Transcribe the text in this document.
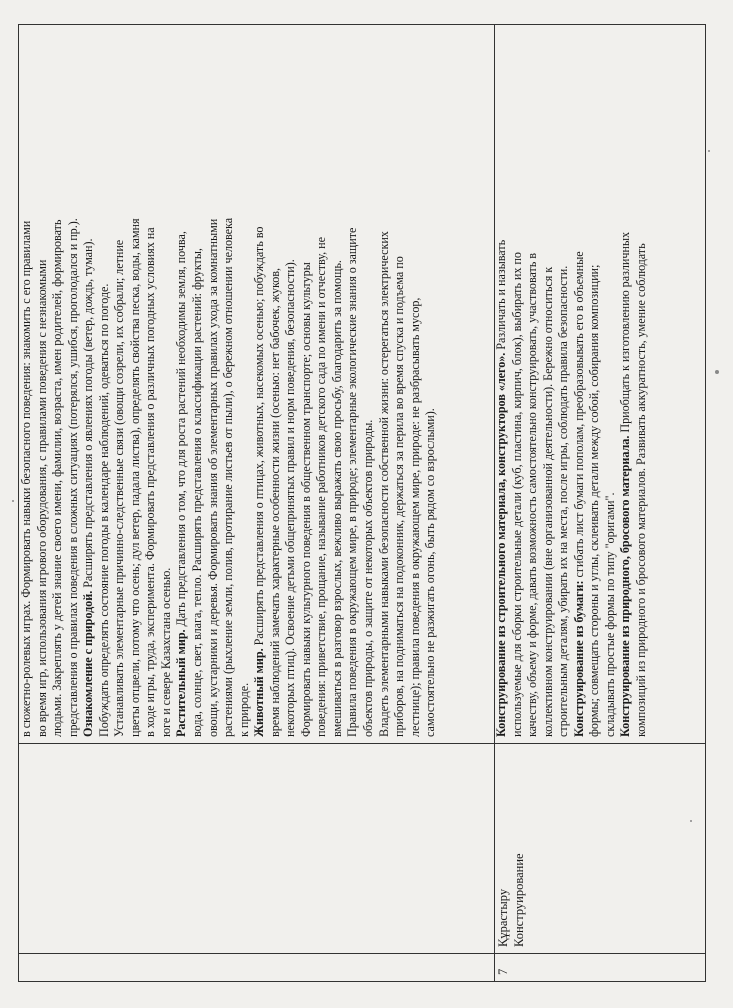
в сюжетно-ролевых играх. Формировать навыки безопасного поведения: знакомить с его правилами во время игр, использования игрового оборудования, с правилами поведения с незнакомыми людьми. Закреплять у детей знание своего имени, фамилии, возраста, имен родителей, формировать представления о правилах поведения в сложных ситуациях (потерялся, ушибся, проголодался и пр.). Ознакомление с природой. Расширять представления о явлениях погоды (ветер, дождь, туман). Побуждать определять состояние погоды в календаре наблюдений, одеваться по погоде. Устанавливать элементарные причинно-следственные связи (овощи созрели, их собрали; летние цветы отцвели, потому что осень; дул ветер, падала листва), определять свойства песка, воды, камня в ходе игры, труда, эксперимента. Формировать представления о различных погодных условиях на юге и севере Казахстана осенью. Растительный мир. Дать представления о том, что для роста растений необходимы земля, почва, вода, солнце, свет, влага, тепло. Расширять представления о классификации растений: фрукты, овощи, кустарники и деревья. Формировать знания об элементарных правилах ухода за комнатными растениями (рыхление земли, полив, протирание листьев от пыли), о бережном отношении человека к природе. Животный мир. Расширять представления о птицах, животных, насекомых осенью; побуждать во время наблюдений замечать характерные особенности жизни (осенью: нет бабочек, жуков, некоторых птиц). Освоение детьми общепринятых правил и норм поведения, безопасности). Формировать навыки культурного поведения в общественном транспорте; основы культуры поведения: приветствие, прощание, называние работников детского сада по имени и отчеству, не вмешиваться в разговор взрослых, вежливо выражать свою просьбу, благодарить за помощь. Правила поведения в окружающем мире, в природе; элементарные экологические знания о защите объектов природы, о защите от некоторых объектов природы. Владеть элементарными навыками безопасности собственной жизни: остерегаться электрических приборов, на подниматься на подоконник, держаться за перила во время спуска и подъема по лестнице); правила поведения в окружающем мире, природе: не разбрасывать мусор, самостоятельно не разжигать огонь, быть рядом со взрослыми).
7
Құрастыру Конструирование
Конструирование из строительного материала, конструкторов «лего». Различать и называть используемые для сборки строительные детали (куб, пластина, кирпич, блок), выбирать их по качеству, объему и форме, давать возможность самостоятельно конструировать, участвовать в коллективном конструировании (вне организованной деятельности). Бережно относиться к строительным деталям, убирать их на места, после игры, соблюдать правила безопасности. Конструирование из бумаги: сгибать лист бумаги пополам, преобразовывать его в объемные формы; совмещать стороны и углы, склеивать детали между собой, собирания композиции; складывать простые формы по типу "оригами". Конструирование из природного, бросового материала. Приобщать к изготовлению различных композиций из природного и бросового материалов. Развивать аккуратность, умение соблюдать
